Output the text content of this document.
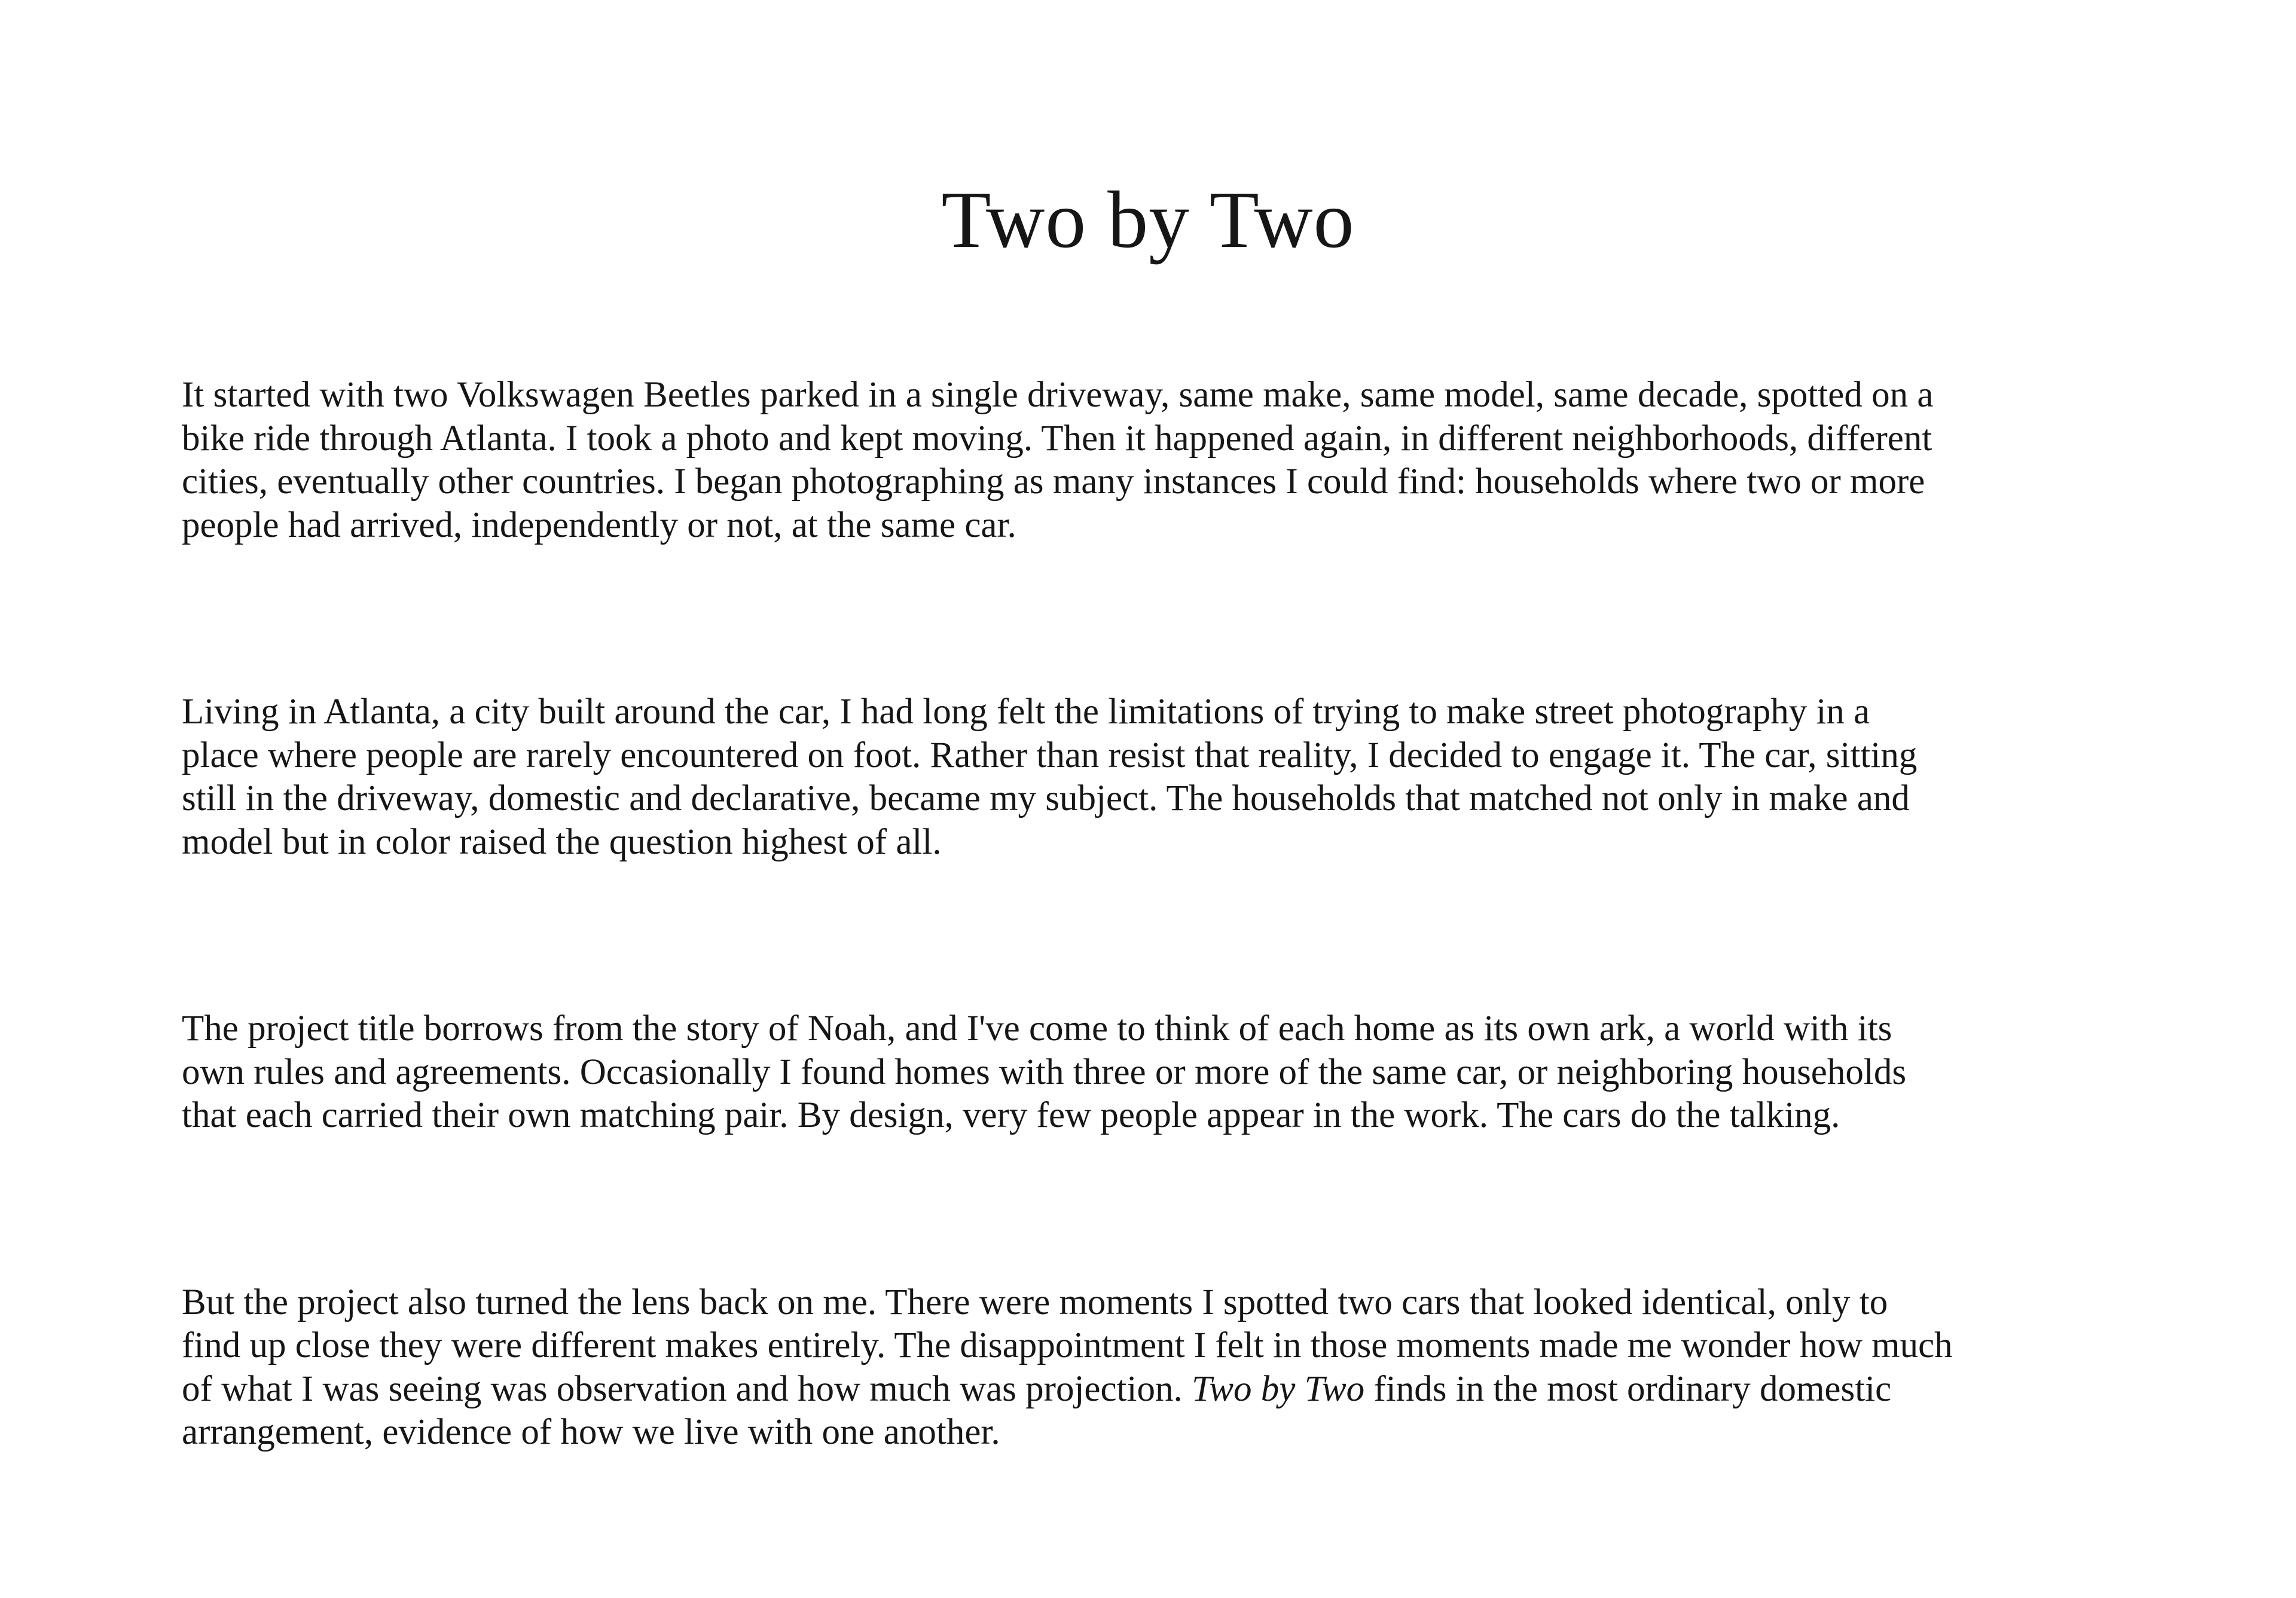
Two by Two

It started with two Volkswagen Beetles parked in a single driveway, same make, same model, same decade, spotted on a
bike ride through Atlanta. I took a photo and kept moving. Then it happened again, in different neighborhoods, different
cities, eventually other countries. I began photographing as many instances I could find: households where two or more
people had arrived, independently or not, at the same car.

Living in Atlanta, a city built around the car, I had long felt the limitations of trying to make street photography in a
place where people are rarely encountered on foot. Rather than resist that reality, I decided to engage it. The car, sitting
still in the driveway, domestic and declarative, became my subject. The households that matched not only in make and
model but in color raised the question highest of all.

The project title borrows from the story of Noah, and I've come to think of each home as its own ark, a world with its
own rules and agreements. Occasionally I found homes with three or more of the same car, or neighboring households
that each carried their own matching pair. By design, very few people appear in the work. The cars do the talking.

But the project also turned the lens back on me. There were moments I spotted two cars that looked identical, only to
find up close they were different makes entirely. The disappointment I felt in those moments made me wonder how much
of what I was seeing was observation and how much was projection. Two by Two finds in the most ordinary domestic
arrangement, evidence of how we live with one another.
